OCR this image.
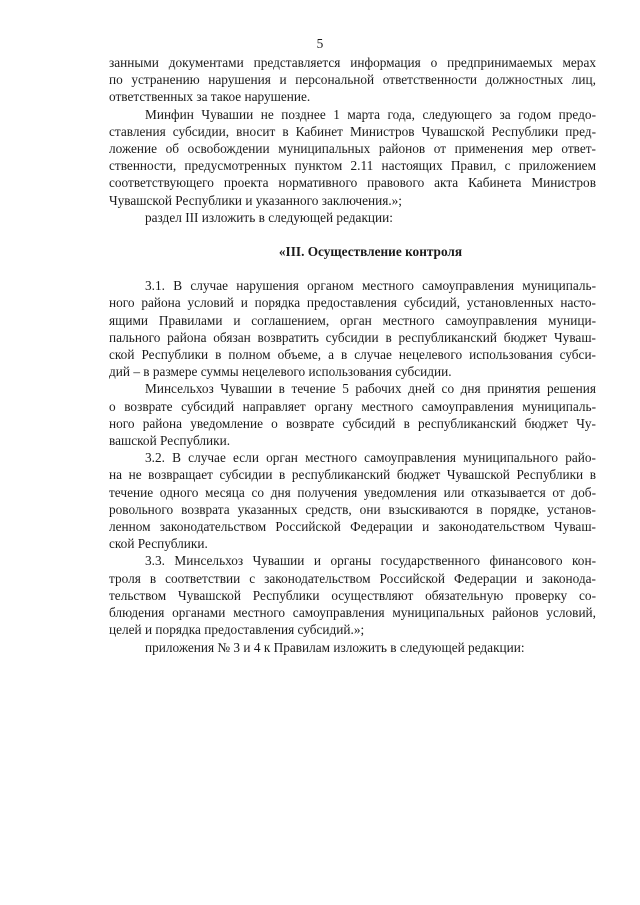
5
занными документами представляется информация о предпринимаемых мерах
по устранению нарушения и персональной ответственности должностных лиц,
ответственных за такое нарушение.
Минфин Чувашии не позднее 1 марта года, следующего за годом предо-
ставления субсидии, вносит в Кабинет Министров Чувашской Республики пред-
ложение об освобождении муниципальных районов от применения мер ответ-
ственности, предусмотренных пунктом 2.11 настоящих Правил, с приложением
соответствующего проекта нормативного правового акта Кабинета Министров
Чувашской Республики и указанного заключения.»;
раздел III изложить в следующей редакции:
«III. Осуществление контроля
3.1. В случае нарушения органом местного самоуправления муниципаль-
ного района условий и порядка предоставления субсидий, установленных насто-
ящими Правилами и соглашением, орган местного самоуправления муници-
пального района обязан возвратить субсидии в республиканский бюджет Чуваш-
ской Республики в полном объеме, а в случае нецелевого использования субси-
дий – в размере суммы нецелевого использования субсидии.
Минсельхоз Чувашии в течение 5 рабочих дней со дня принятия решения
о возврате субсидий направляет органу местного самоуправления муниципаль-
ного района уведомление о возврате субсидий в республиканский бюджет Чу-
вашской Республики.
3.2. В случае если орган местного самоуправления муниципального райо-
на не возвращает субсидии в республиканский бюджет Чувашской Республики в
течение одного месяца со дня получения уведомления или отказывается от доб-
ровольного возврата указанных средств, они взыскиваются в порядке, установ-
ленном законодательством Российской Федерации и законодательством Чуваш-
ской Республики.
3.3. Минсельхоз Чувашии и органы государственного финансового кон-
троля в соответствии с законодательством Российской Федерации и законода-
тельством Чувашской Республики осуществляют обязательную проверку со-
блюдения органами местного самоуправления муниципальных районов условий,
целей и порядка предоставления субсидий.»;
приложения № 3 и 4 к Правилам изложить в следующей редакции:
